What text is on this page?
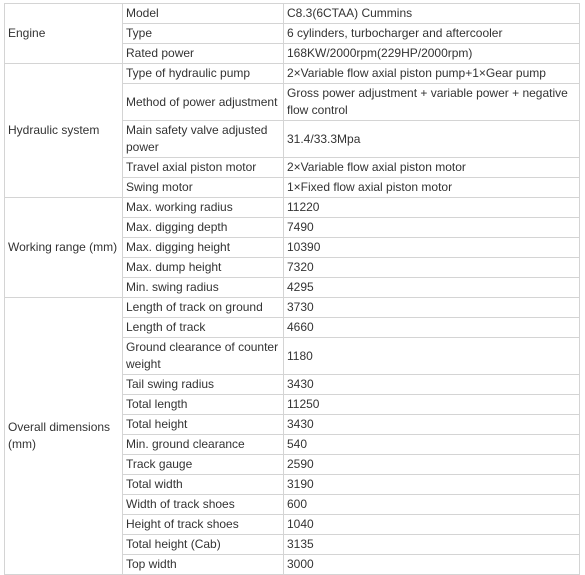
Engine	Model	C8.3(6CTAA) Cummins
	Type	6 cylinders, turbocharger and aftercooler
	Rated power	168KW/2000rpm(229HP/2000rpm)
Hydraulic system	Type of hydraulic pump	2×Variable flow axial piston pump+1×Gear pump
	Method of power adjustment	Gross power adjustment + variable power + negative flow control
	Main safety valve adjusted power	31.4/33.3Mpa
	Travel axial piston motor	2×Variable flow axial piston motor
	Swing motor	1×Fixed flow axial piston motor
Working range (mm)	Max. working radius	11220
	Max. digging depth	7490
	Max. digging height	10390
	Max. dump height	7320
	Min. swing radius	4295
Overall dimensions (mm)	Length of track on ground	3730
	Length of track	4660
	Ground clearance of counter weight	1180
	Tail swing radius	3430
	Total length	11250
	Total height	3430
	Min. ground clearance	540
	Track gauge	2590
	Total width	3190
	Width of track shoes	600
	Height of track shoes	1040
	Total height (Cab)	3135
	Top width	3000
